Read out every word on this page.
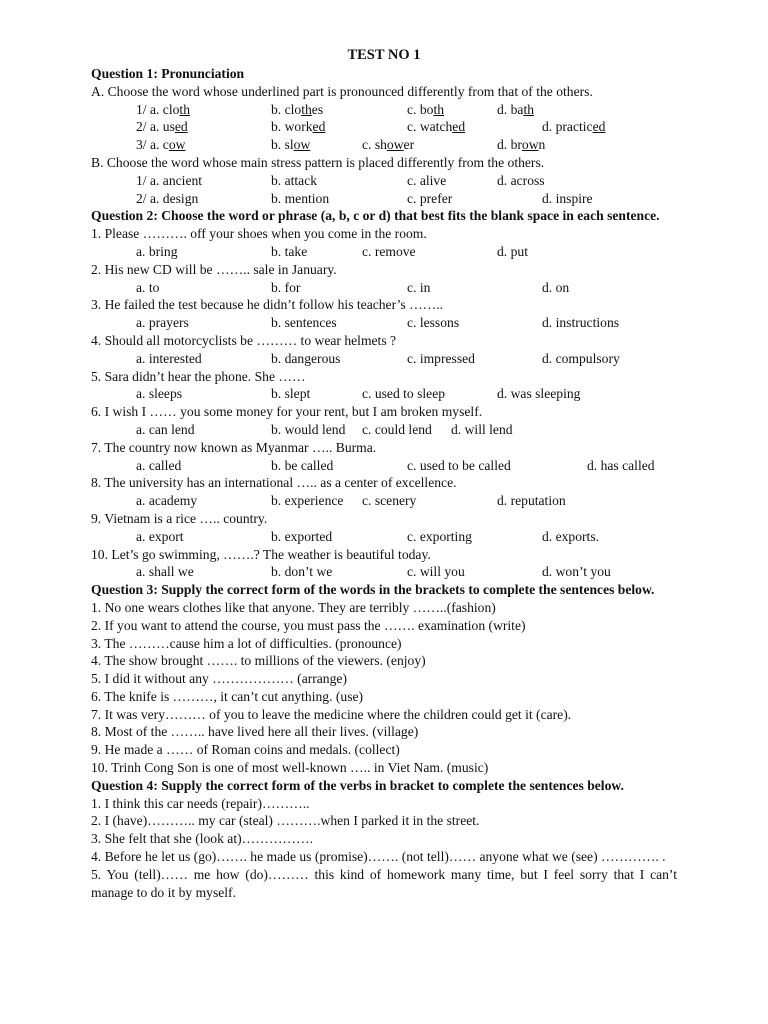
TEST NO 1
Question 1: Pronunciation
A. Choose the word whose underlined part is pronounced differently from that of the others.
1/ a. cloth	b. clothes	c. both	d. bath
2/ a. used	b. worked	c. watched	d. practiced
3/ a. cow	b. slow	c. shower	d. brown
B. Choose the word whose main stress pattern is placed differently from the others.
1/ a. ancient	b. attack	c. alive	d. across
2/ a. design	b. mention	c. prefer	d. inspire
Question 2: Choose the word or phrase (a, b, c or d) that best fits the blank space in each sentence.
1. Please ………. off your shoes when you come in the room.
a. bring	b. take	c. remove	d. put
2. His new CD will be …….. sale in January.
a. to	b. for	c. in	d. on
3. He failed the test because he didn’t follow his teacher’s ……..
a. prayers	b. sentences	c. lessons	d. instructions
4. Should all motorcyclists be ……… to wear helmets ?
a. interested	b. dangerous	c. impressed	d. compulsory
5. Sara didn’t hear the phone. She ……
a. sleeps	b. slept	c. used to sleep	d. was sleeping
6. I wish I …… you some money for your rent, but I am broken myself.
a. can lend	b. would lend c. could lend d. will lend
7. The country now known as Myanmar ….. Burma.
a. called	b. be called	c. used to be called	d. has called
8. The university has an international ….. as a center of excellence.
a. academy	b. experience c. scenery	d. reputation
9. Vietnam is a rice ….. country.
a. export	b. exported	c. exporting	d. exports.
10. Let’s go swimming, …….? The weather is beautiful today.
a. shall we	b. don’t we	c. will you	d. won’t you
Question 3: Supply the correct form of the words in the brackets to complete the sentences below.
1. No one wears clothes like that anyone. They are terribly ……..(fashion)
2. If you want to attend the course, you must pass the ……. examination (write)
3. The ………cause him a lot of difficulties. (pronounce)
4. The show brought ……. to millions of the viewers. (enjoy)
5. I did it without any ……………… (arrange)
6. The knife is ………, it can’t cut anything. (use)
7. It was very……… of you to leave the medicine where the children could get it (care).
8. Most of the …….. have lived here all their lives. (village)
9. He made a …… of Roman coins and medals. (collect)
10. Trinh Cong Son is one of most well-known ….. in Viet Nam. (music)
Question 4: Supply the correct form of the verbs in bracket to complete the sentences below.
1. I think this car needs (repair)………..
2. I (have)……….. my car (steal) ……….when I parked it in the street.
3. She felt that she (look at)…………….
4. Before he let us (go)……. he made us (promise)……. (not tell)…… anyone what we (see) …………. .
5. You (tell)…… me how (do)……… this kind of homework many time, but I feel sorry that I can’t manage to do it by myself.
